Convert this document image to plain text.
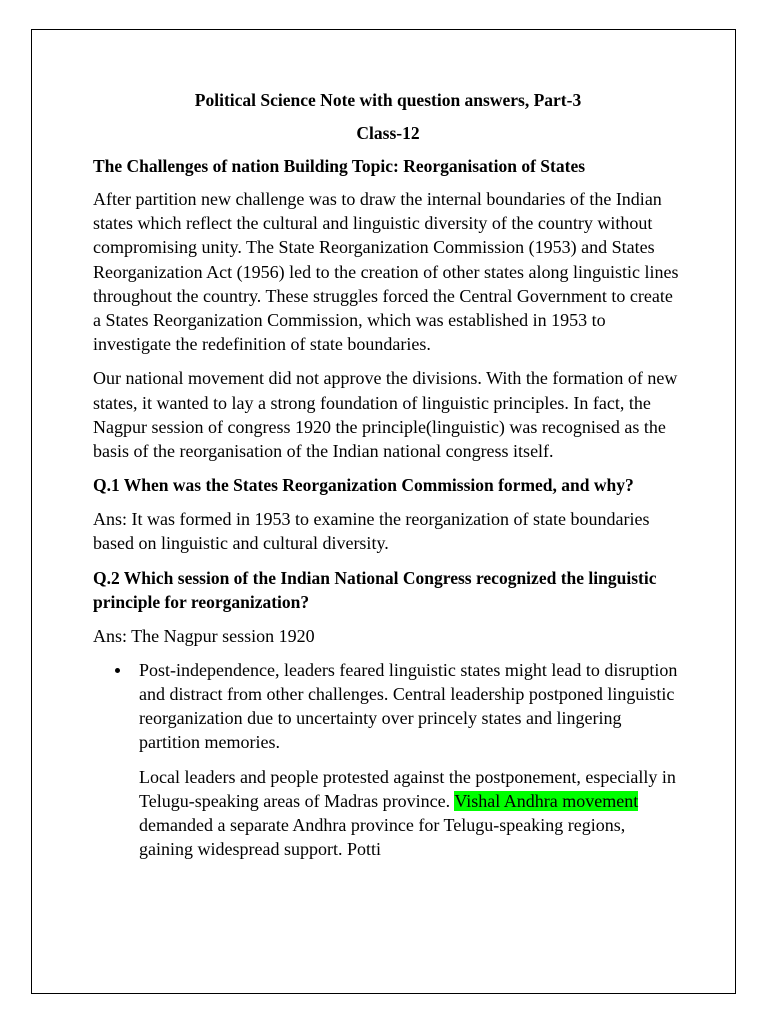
Political Science Note with question answers, Part-3
Class-12
The Challenges of nation Building Topic: Reorganisation of States

After partition new challenge was to draw the internal boundaries of the Indian states which reflect the cultural and linguistic diversity of the country without compromising unity. The State Reorganization Commission (1953) and States Reorganization Act (1956) led to the creation of other states along linguistic lines throughout the country. These struggles forced the Central Government to create a States Reorganization Commission, which was established in 1953 to investigate the redefinition of state boundaries.

Our national movement did not approve the divisions. With the formation of new states, it wanted to lay a strong foundation of linguistic principles. In fact, the Nagpur session of congress 1920 the principle(linguistic) was recognised as the basis of the reorganisation of the Indian national congress itself.

Q.1 When was the States Reorganization Commission formed, and why?

Ans: It was formed in 1953 to examine the reorganization of state boundaries based on linguistic and cultural diversity.

Q.2 Which session of the Indian National Congress recognized the linguistic principle for reorganization?

Ans: The Nagpur session 1920

Post-independence, leaders feared linguistic states might lead to disruption and distract from other challenges. Central leadership postponed linguistic reorganization due to uncertainty over princely states and lingering partition memories.

Local leaders and people protested against the postponement, especially in Telugu-speaking areas of Madras province. Vishal Andhra movement demanded a separate Andhra province for Telugu-speaking regions, gaining widespread support. Potti
